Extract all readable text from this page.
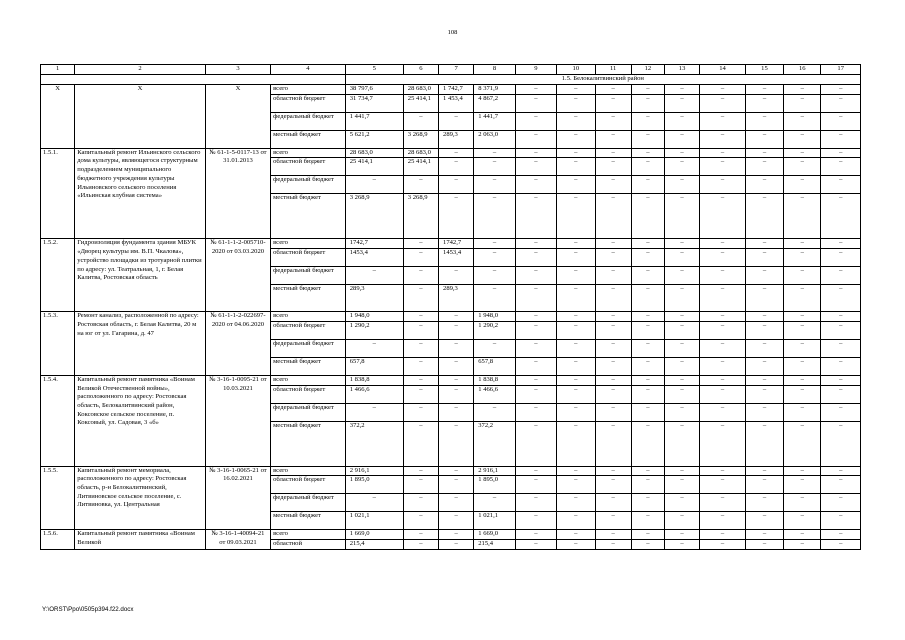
108
1	2	3	4	5	6	7	8	9	10	11	12	13	14	15	16	17
				1.5. Белокалитвинский район												
X	Х	Х	всего	38 797,6	28 683,0	1 742,7	8 371,9	–	–	–	–	–	–	–	–	–
			областной бюджет	31 734,7	25 414,1	1 453,4	4 867,2	–	–	–	–	–	–	–	–	–
			федеральный бюджет	1 441,7	–	–	1 441,7	–	–	–	–	–	–	–	–	–
			местный бюджет	5 621,2	3 268,9	289,3	2 063,0	–	–	–	–	–	–	–	–	–
1.5.1.	Капитальный ремонт Ильинского сельского дома культуры, являющегося структурным подразделением муниципального бюджетного учреждения культуры Ильиновского сельского поселения «Ильинская клубная система»	№ 61-1-5-0117-13 от 31.01.2013	всего	28 683,0	28 683,0	–	–	–	–	–	–	–	–	–	–	–
			областной бюджет	25 414,1	25 414,1	–	–	–	–	–	–	–	–	–	–	–
			федеральный бюджет	–	–	–	–	–	–	–	–	–	–	–	–	–
			местный бюджет	3 268,9	3 268,9	–	–	–	–	–	–	–	–	–	–	–
1.5.2.	Гидроизоляция фундамента здания МБУК «Дворец культуры им. В.П. Чкалова», устройство площадки из тротуарной плитки по адресу: ул. Театральная, 1, г. Белая Калитва, Ростовская область	№ 61-1-1-2-005710-2020 от 03.03.2020	всего	1742,7	–	1742,7	–	–	–	–	–	–	–	–	–	–
			областной бюджет	1453,4	–	1453,4	–	–	–	–	–	–	–	–	–	–
			федеральный бюджет	–	–	–	–	–	–	–	–	–	–	–	–	–
			местный бюджет	289,3	–	289,3	–	–	–	–	–	–	–	–	–	–
1.5.3.	Ремонт канализ, расположенной по адресу: Ростовская область, г. Белая Калитва, 20 м на юг от ул. Гагарина, д. 47	№ 61-1-1-2-022697-2020 от 04.06.2020	всего	1 948,0	–	–	1 948,0	–	–	–	–	–	–	–	–	–
			областной бюджет	1 290,2	–	–	1 290,2	–	–	–	–	–	–	–	–	–
			федеральный бюджет	–	–	–	–	–	–	–	–	–	–	–	–	–
			местный бюджет	657,8	–	–	657,8	–	–	–	–	–	–	–	–	–
1.5.4.	Капитальный ремонт памятника «Воинам Великой Отечественной войны», расположенного по адресу: Ростовская область, Белокалитвинский район, Коксовское сельское поселение, п. Коксовый, ул. Садовая, 3 «б»	№ 3-16-1-0095-21 от 10.03.2021	всего	1 838,8	–	–	1 838,8	–	–	–	–	–	–	–	–	–
			областной бюджет	1 466,6	–	–	1 466,6	–	–	–	–	–	–	–	–	–
			федеральный бюджет	–	–	–	–	–	–	–	–	–	–	–	–	–
			местный бюджет	372,2	–	–	372,2	–	–	–	–	–	–	–	–	–
1.5.5.	Капитальный ремонт мемориала, расположенного по адресу: Ростовская область, р-н Белокалитвинский, Литвиновское сельское поселение, с. Литвиновка, ул. Центральная	№ 3-16-1-0065-21 от 16.02.2021	всего	2 916,1	–	–	2 916,1	–	–	–	–	–	–	–	–	–
			областной бюджет	1 895,0	–	–	1 895,0	–	–	–	–	–	–	–	–	–
			федеральный бюджет	–	–	–	–	–	–	–	–	–	–	–	–	–
			местный бюджет	1 021,1	–	–	1 021,1	–	–	–	–	–	–	–	–	–
1.5.6.	Капитальный ремонт памятника «Воинам Великой	№ 3-16-1-40094-21 от 09.03.2021	всего	1 669,0	–	–	1 669,0	–	–	–	–	–	–	–	–	–
			областной	215,4	–	–	215,4	–	–	–	–	–	–	–	–	–
Y:\ORST\Ppo\0505p394.f22.docx
